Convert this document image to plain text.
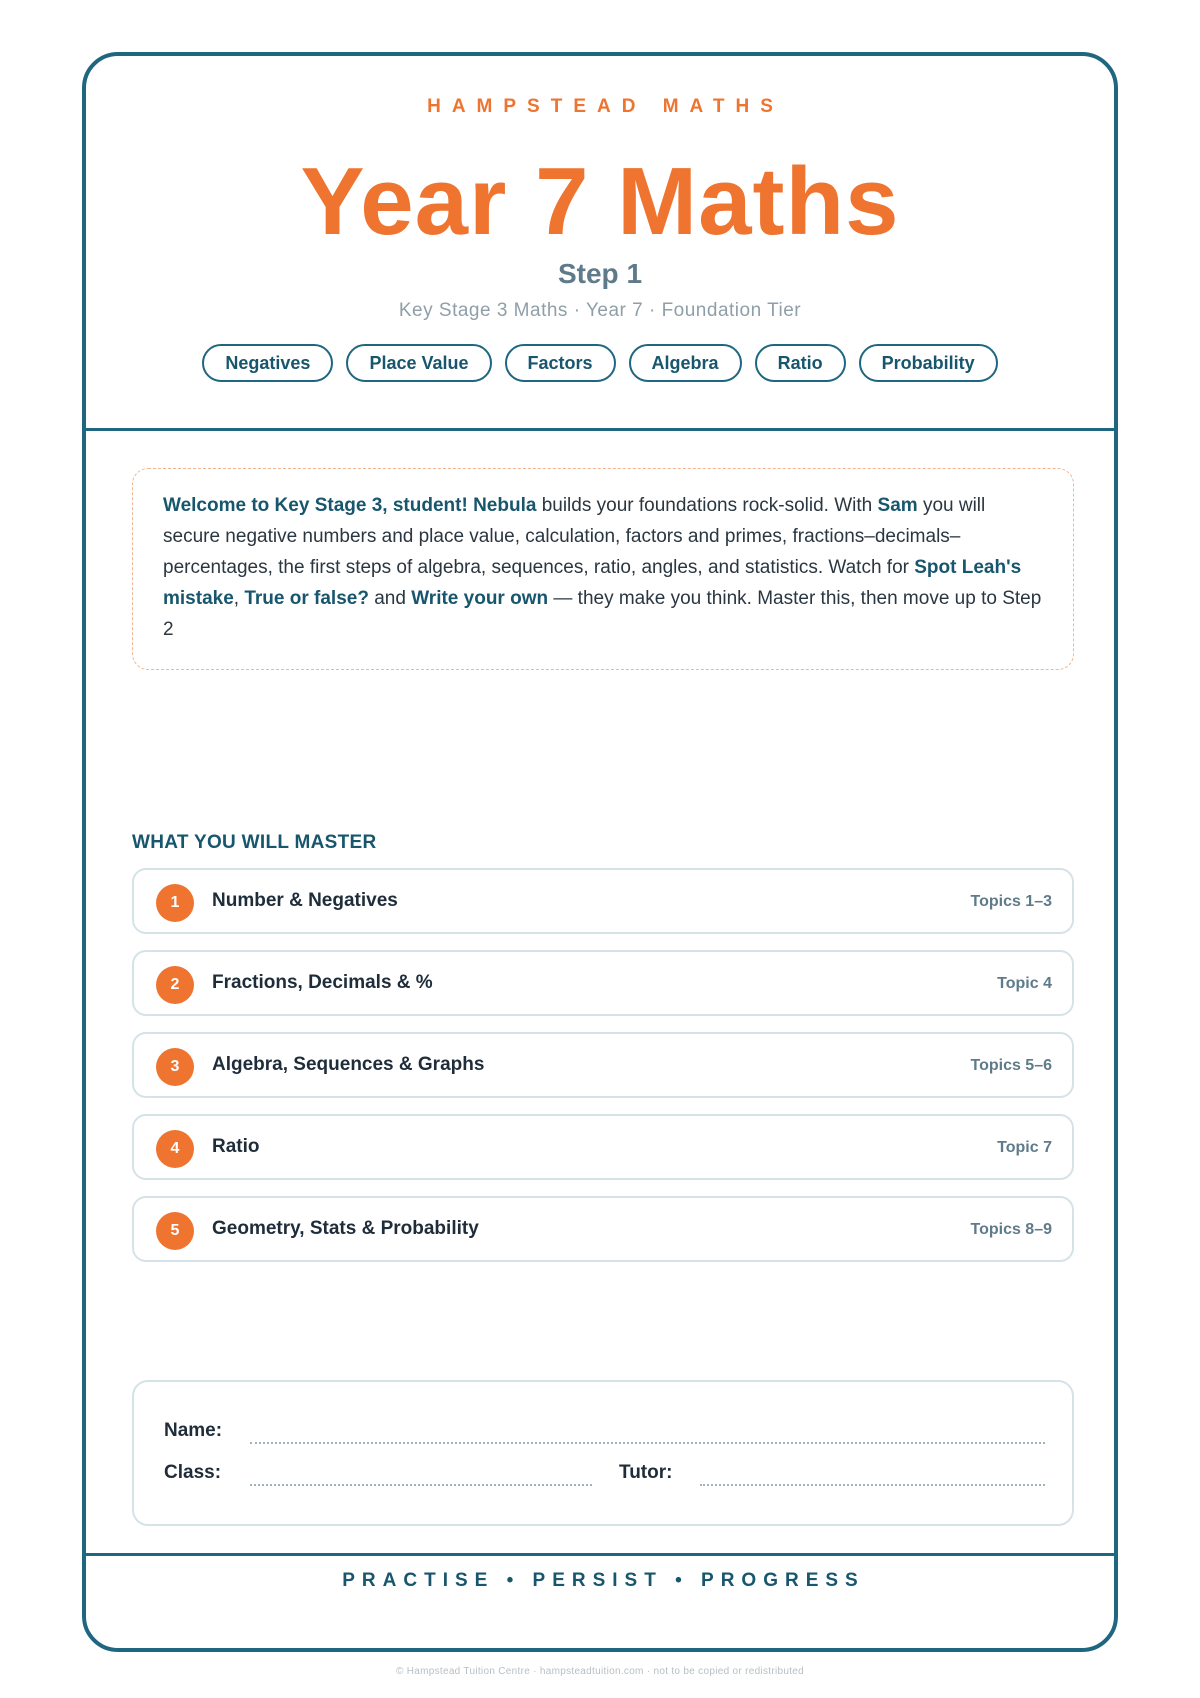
HAMPSTEAD MATHS
Year 7 Maths
Step 1
Key Stage 3 Maths · Year 7 · Foundation Tier
Negatives	Place Value	Factors	Algebra	Ratio	Probability
Welcome to Key Stage 3, student! Nebula builds your foundations rock-solid. With Sam you will secure negative numbers and place value, calculation, factors and primes, fractions–decimals–percentages, the first steps of algebra, sequences, ratio, angles, and statistics. Watch for Spot Leah's mistake, True or false? and Write your own — they make you think. Master this, then move up to Step 2
WHAT YOU WILL MASTER
1	Number & Negatives	Topics 1–3
2	Fractions, Decimals & %	Topic 4
3	Algebra, Sequences & Graphs	Topics 5–6
4	Ratio	Topic 7
5	Geometry, Stats & Probability	Topics 8–9
Name:
Class:	Tutor:
PRACTISE • PERSIST • PROGRESS
© Hampstead Tuition Centre · hampsteadtuition.com · not to be copied or redistributed
